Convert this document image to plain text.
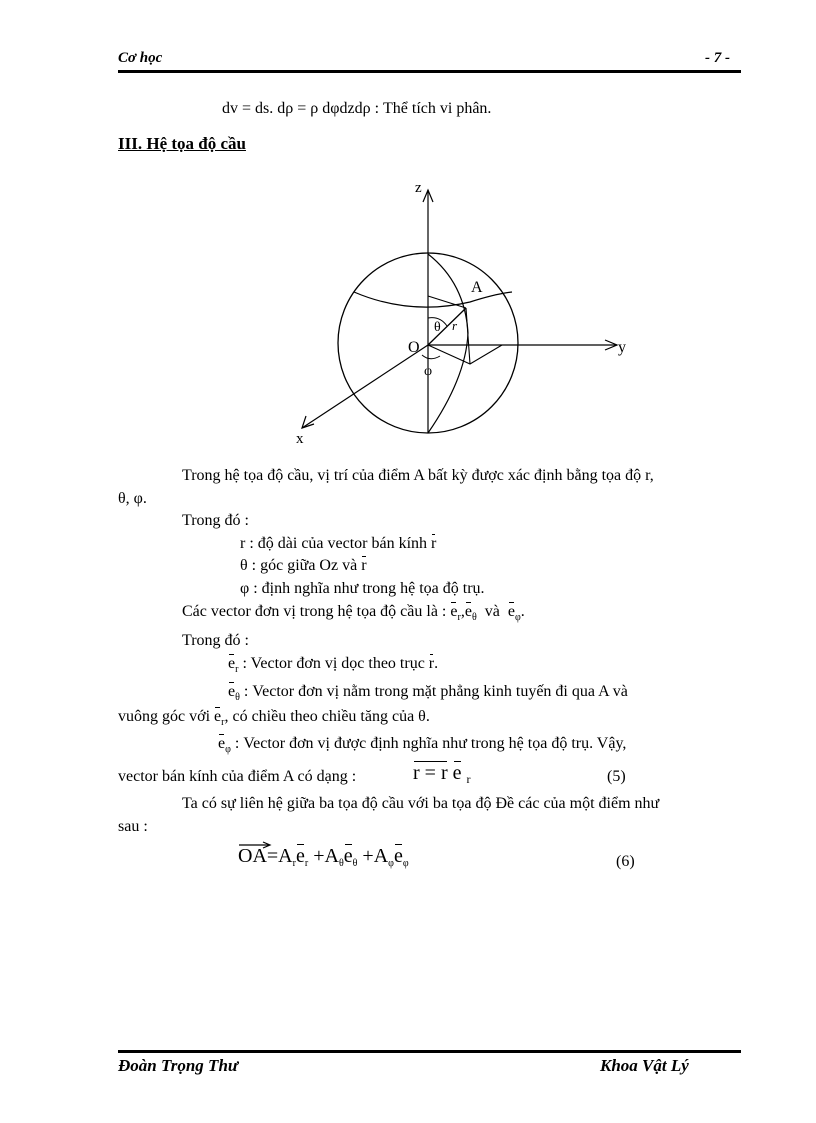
Cơ học	- 7 -
dv = ds. dρ = ρ dφdzdρ : Thể tích vi phân.
III. Hệ tọa độ cầu
z
y
x
O
A
r
θ
φ
Trong hệ tọa độ cầu, vị trí của điểm A bất kỳ được xác định bằng tọa độ r,
θ, φ.
Trong đó :
r : độ dài của vector bán kính r
θ : góc giữa Oz và r
φ : định nghĩa như trong hệ tọa độ trụ.
Các vector đơn vị trong hệ tọa độ cầu là : $e_r,e_\theta$ và $e_\varphi$.
Trong đó :
$e_r$ : Vector đơn vị dọc theo trục r.
$e_\theta$ : Vector đơn vị nằm trong mặt phẳng kinh tuyến đi qua A và
vuông góc với $e_r$, có chiều theo chiều tăng của θ.
$e_\varphi$ : Vector đơn vị được định nghĩa như trong hệ tọa độ trụ. Vậy,
vector bán kính của điểm A có dạng :	r = r e $_r$	(5)
Ta có sự liên hệ giữa ba tọa độ cầu với ba tọa độ Đề các của một điểm như
sau :
OA
$=A_re_r +A_\theta e_\theta +A_\varphi e_\varphi$	(6)
Đoàn Trọng Thư	Khoa Vật Lý
